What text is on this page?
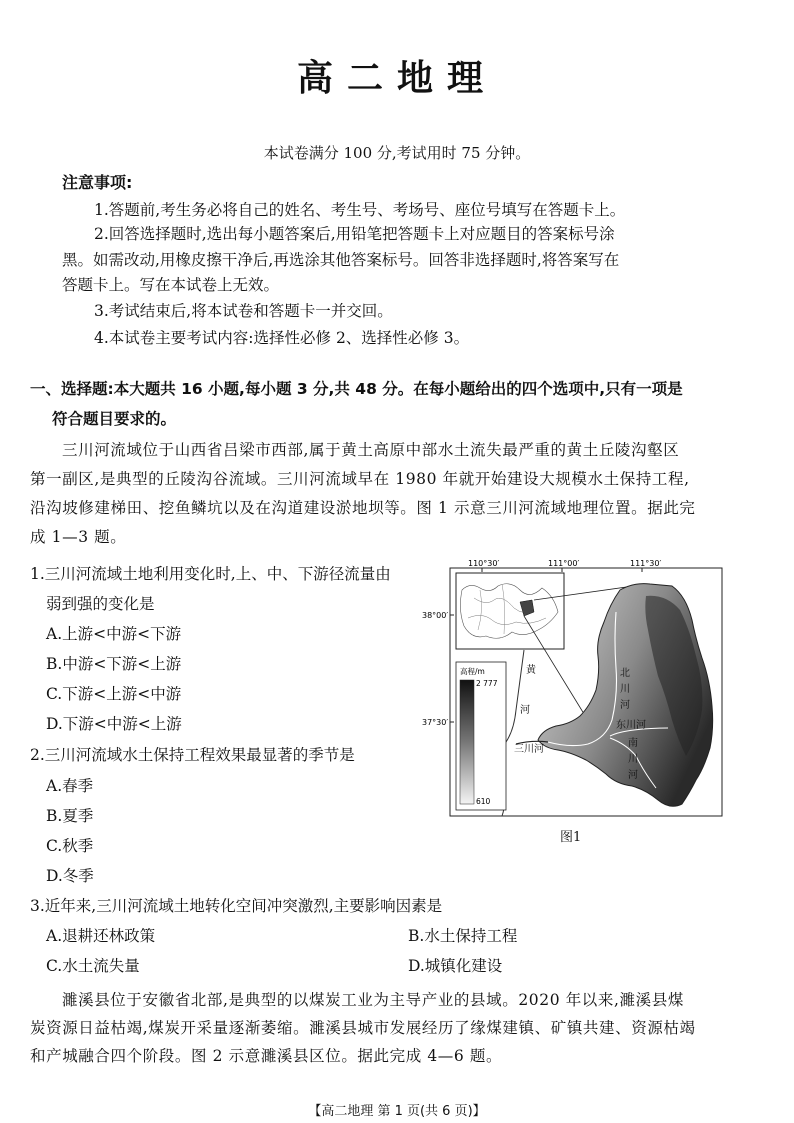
高二地理
本试卷满分 100 分,考试用时 75 分钟。
注意事项:
1.答题前,考生务必将自己的姓名、考生号、考场号、座位号填写在答题卡上。
2.回答选择题时,选出每小题答案后,用铅笔把答题卡上对应题目的答案标号涂
黑。如需改动,用橡皮擦干净后,再选涂其他答案标号。回答非选择题时,将答案写在
答题卡上。写在本试卷上无效。
3.考试结束后,将本试卷和答题卡一并交回。
4.本试卷主要考试内容:选择性必修 2、选择性必修 3。
一、选择题:本大题共 16 小题,每小题 3 分,共 48 分。在每小题给出的四个选项中,只有一项是
符合题目要求的。
三川河流域位于山西省吕梁市西部,属于黄土高原中部水土流失最严重的黄土丘陵沟壑区
第一副区,是典型的丘陵沟谷流域。三川河流域早在 1980 年就开始建设大规模水土保持工程,
沿沟坡修建梯田、挖鱼鳞坑以及在沟道建设淤地坝等。图 1 示意三川河流域地理位置。据此完
成 1—3 题。
1.三川河流域土地利用变化时,上、中、下游径流量由
弱到强的变化是
A.上游<中游<下游
B.中游<下游<上游
C.下游<上游<中游
D.下游<中游<上游
2.三川河流域水土保持工程效果最显著的季节是
A.春季
B.夏季
C.秋季
D.冬季
3.近年来,三川河流域土地转化空间冲突激烈,主要影响因素是
A.退耕还林政策	B.水土保持工程
C.水土流失量	D.城镇化建设
濉溪县位于安徽省北部,是典型的以煤炭工业为主导产业的县域。2020 年以来,濉溪县煤
炭资源日益枯竭,煤炭开采量逐渐萎缩。濉溪县城市发展经历了缘煤建镇、矿镇共建、资源枯竭
和产城融合四个阶段。图 2 示意濉溪县区位。据此完成 4—6 题。
110°30′	111°00′	111°30′
38°00′
37°30′
黄
河
北
川
河
东川河
南
川
河
三川河
高程/m
2 777
610
图1
【高二地理 第 1 页(共 6 页)】
